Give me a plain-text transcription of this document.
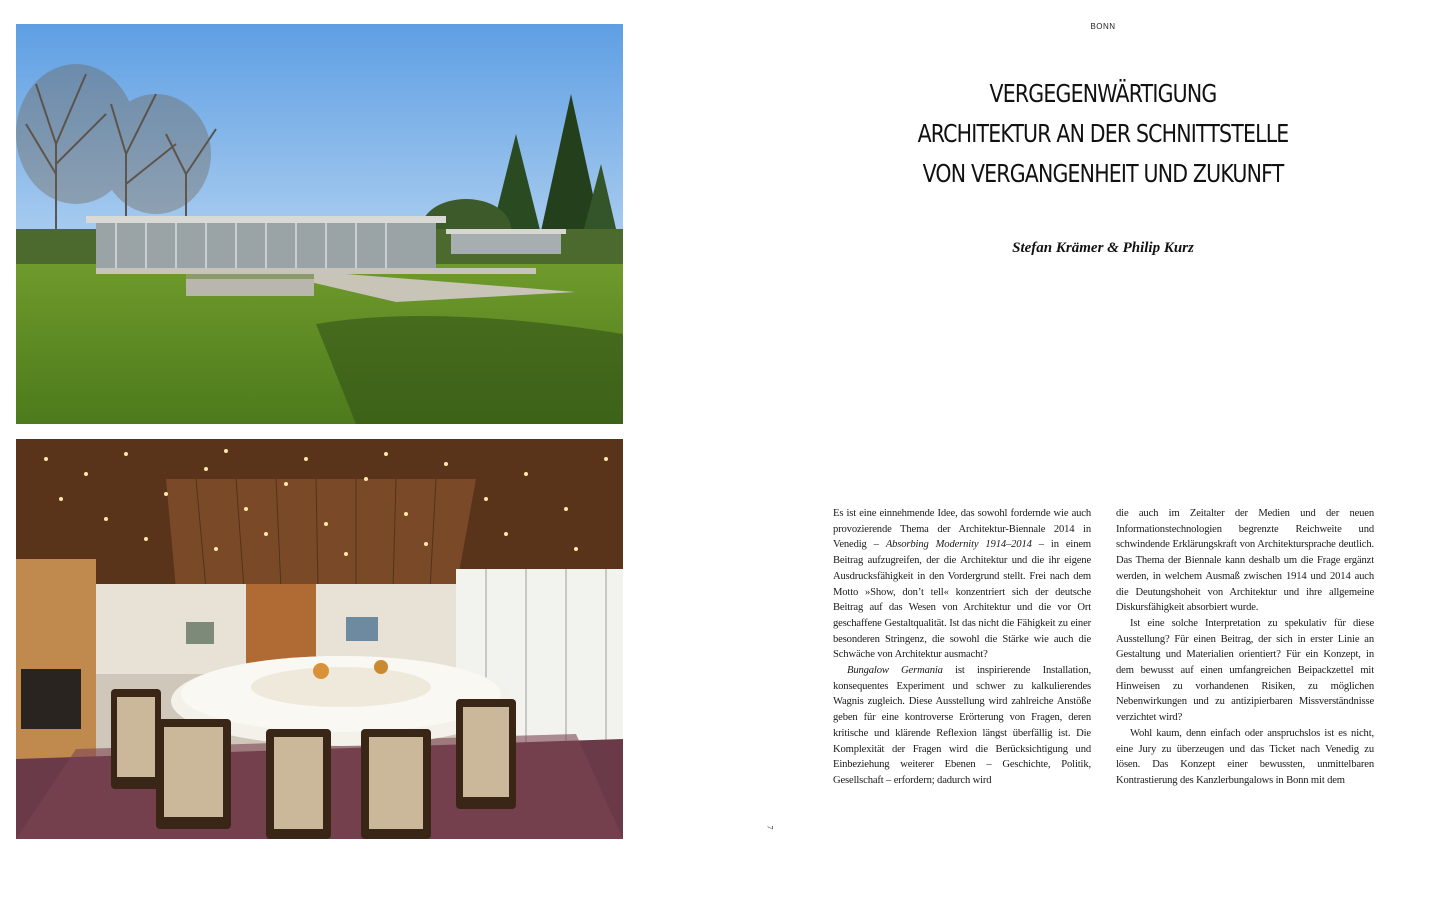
BONN
VERGEGENWÄRTIGUNG
ARCHITEKTUR AN DER SCHNITTSTELLE
VON VERGANGENHEIT UND ZUKUNFT
Stefan Krämer & Philip Kurz

Es ist eine einnehmende Idee, das sowohl fordernde wie auch provozierende Thema der Architektur-Biennale 2014 in Venedig – Absorbing Modernity 1914–2014 – in einem Beitrag aufzugreifen, der die Architektur und die ihr eigene Ausdrucksfähigkeit in den Vordergrund stellt. Frei nach dem Motto »Show, don’t tell« konzentriert sich der deutsche Beitrag auf das Wesen von Architektur und die vor Ort geschaffene Gestaltqualität. Ist das nicht die Fähigkeit zu einer besonderen Stringenz, die sowohl die Stärke wie auch die Schwäche von Architektur ausmacht?

Bungalow Germania ist inspirierende Installation, konsequentes Experiment und schwer zu kalkulierendes Wagnis zugleich. Diese Ausstellung wird zahlreiche Anstöße geben für eine kontroverse Erörterung von Fragen, deren kritische und klärende Reflexion längst überfällig ist. Die Komplexität der Fragen wird die Berücksichtigung und Einbeziehung weiterer Ebenen – Geschichte, Politik, Gesellschaft – erfordern; dadurch wird

die auch im Zeitalter der Medien und der neuen Informationstechnologien begrenzte Reichweite und schwindende Erklärungskraft von Architektursprache deutlich. Das Thema der Biennale kann deshalb um die Frage ergänzt werden, in welchem Ausmaß zwischen 1914 und 2014 auch die Deutungshoheit von Architektur und ihre allgemeine Diskursfähigkeit absorbiert wurde.

Ist eine solche Interpretation zu spekulativ für diese Ausstellung? Für einen Beitrag, der sich in erster Linie an Gestaltung und Materialien orientiert? Für ein Konzept, in dem bewusst auf einen umfangreichen Beipackzettel mit Hinweisen zu vorhandenen Risiken, zu möglichen Nebenwirkungen und zu antizipierbaren Missverständnisse verzichtet wird?

Wohl kaum, denn einfach oder anspruchslos ist es nicht, eine Jury zu überzeugen und das Ticket nach Venedig zu lösen. Das Konzept einer bewussten, unmittelbaren Kontrastierung des Kanzlerbungalows in Bonn mit dem

7
